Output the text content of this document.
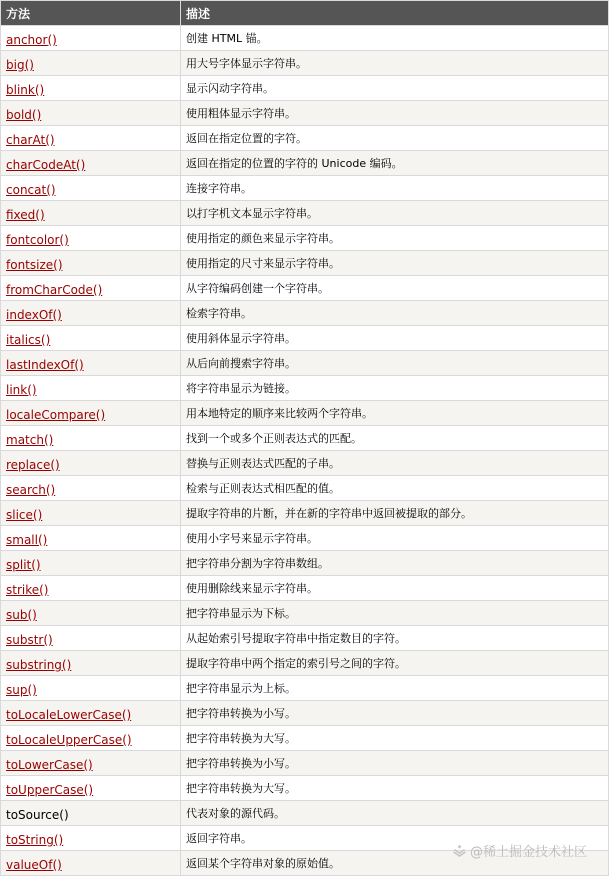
方法	描述
anchor()	创建 HTML 锚。
big()	用大号字体显示字符串。
blink()	显示闪动字符串。
bold()	使用粗体显示字符串。
charAt()	返回在指定位置的字符。
charCodeAt()	返回在指定的位置的字符的 Unicode 编码。
concat()	连接字符串。
fixed()	以打字机文本显示字符串。
fontcolor()	使用指定的颜色来显示字符串。
fontsize()	使用指定的尺寸来显示字符串。
fromCharCode()	从字符编码创建一个字符串。
indexOf()	检索字符串。
italics()	使用斜体显示字符串。
lastIndexOf()	从后向前搜索字符串。
link()	将字符串显示为链接。
localeCompare()	用本地特定的顺序来比较两个字符串。
match()	找到一个或多个正则表达式的匹配。
replace()	替换与正则表达式匹配的子串。
search()	检索与正则表达式相匹配的值。
slice()	提取字符串的片断，并在新的字符串中返回被提取的部分。
small()	使用小字号来显示字符串。
split()	把字符串分割为字符串数组。
strike()	使用删除线来显示字符串。
sub()	把字符串显示为下标。
substr()	从起始索引号提取字符串中指定数目的字符。
substring()	提取字符串中两个指定的索引号之间的字符。
sup()	把字符串显示为上标。
toLocaleLowerCase()	把字符串转换为小写。
toLocaleUpperCase()	把字符串转换为大写。
toLowerCase()	把字符串转换为小写。
toUpperCase()	把字符串转换为大写。
toSource()	代表对象的源代码。
toString()	返回字符串。
valueOf()	返回某个字符串对象的原始值。
@稀土掘金技术社区
